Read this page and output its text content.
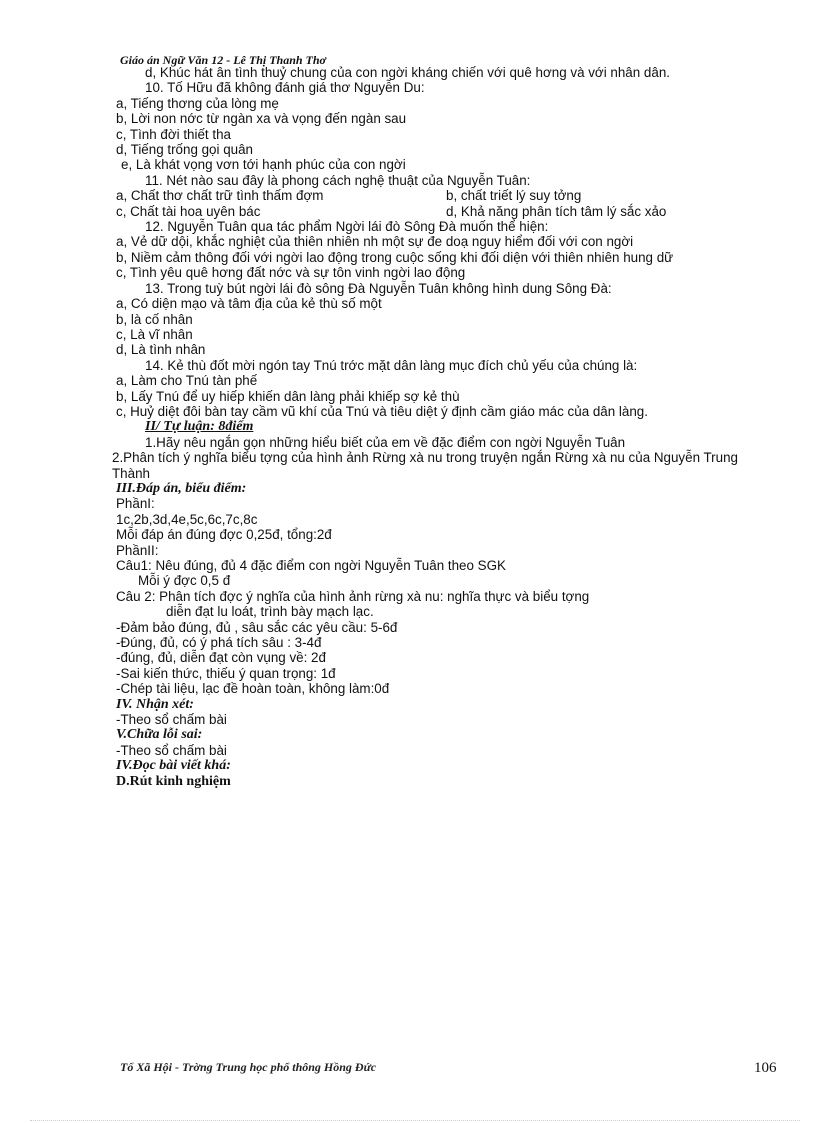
Giáo án Ngữ Văn 12 - Lê Thị Thanh Thơ
d, Khúc hát ân tình thuỷ chung của con ngời kháng chiến với quê hơng và với nhân dân.
10. Tố Hữu đã không đánh giá thơ Nguyễn Du:
a, Tiếng thơng của lòng mẹ
b, Lời non nớc từ ngàn xa và vọng đến ngàn sau
c, Tình đời thiết tha
d, Tiếng trống gọi quân
e, Là khát vọng vơn tới hạnh phúc của con ngời
11. Nét nào sau đây là phong cách nghệ thuật của Nguyễn Tuân:
a, Chất thơ chất trữ tình thấm đợm	b, chất triết lý suy tởng
c, Chất tài hoa uyên bác	d, Khả năng phân tích tâm lý sắc xảo
12. Nguyễn Tuân qua tác phẩm Ngời lái đò Sông Đà muốn thể hiện:
a, Vẻ dữ dội, khắc nghiệt của thiên nhiên nh một sự đe doạ nguy hiểm đối với con ngời
b, Niềm cảm thông đối với ngời lao động trong cuộc sống khi đối diện với thiên nhiên hung dữ
c, Tình yêu quê hơng đất nớc và sự tôn vinh ngời lao động
13. Trong tuỳ bút ngời lái đò sông Đà Nguyễn Tuân không hình dung Sông Đà:
a, Có diện mạo và tâm địa của kẻ thù số một
b, là cố nhân
c, Là vĩ nhân
d, Là tình nhân
14. Kẻ thù đốt mời ngón tay Tnú trớc mặt dân làng mục đích chủ yếu của chúng là:
a, Làm cho Tnú tàn phế
b, Lấy Tnú để uy hiếp khiến dân làng phải khiếp sợ kẻ thù
c, Huỷ diệt đôi bàn tay cầm vũ khí của Tnú và tiêu diệt ý định cầm giáo mác của dân làng.
II/ Tự luận: 8điểm
1.Hãy nêu ngắn gọn những hiểu biết của em về đặc điểm con ngời Nguyễn Tuân
2.Phân tích ý nghĩa biểu tợng của hình ảnh Rừng xà nu trong truyện ngắn Rừng xà nu của Nguyễn Trung Thành
III.Đáp án, biểu điểm:
PhầnI:
1c,2b,3d,4e,5c,6c,7c,8c
Mỗi đáp án đúng đợc 0,25đ, tổng:2đ
PhầnII:
Câu1: Nêu đúng, đủ 4 đặc điểm con ngời Nguyễn Tuân theo SGK
Mỗi ý đợc 0,5 đ
Câu 2: Phân tích đợc ý nghĩa của hình ảnh rừng xà nu: nghĩa thực và biểu tợng
diễn đạt lu loát, trình bày mạch lạc.
-Đảm bảo đúng, đủ , sâu sắc các yêu cầu: 5-6đ
-Đúng, đủ, có ý phá tích sâu : 3-4đ
-đúng, đủ, diễn đạt còn vụng về: 2đ
-Sai kiến thức, thiếu ý quan trọng: 1đ
-Chép tài liệu, lạc đề hoàn toàn, không làm:0đ
IV. Nhận xét:
-Theo sổ chấm bài
V.Chữa lỗi sai:
-Theo sổ chấm bài
IV.Đọc bài viết khá:
D.Rút kinh nghiệm
Tổ Xã Hội - Trờng Trung học phổ thông Hồng Đức	106
